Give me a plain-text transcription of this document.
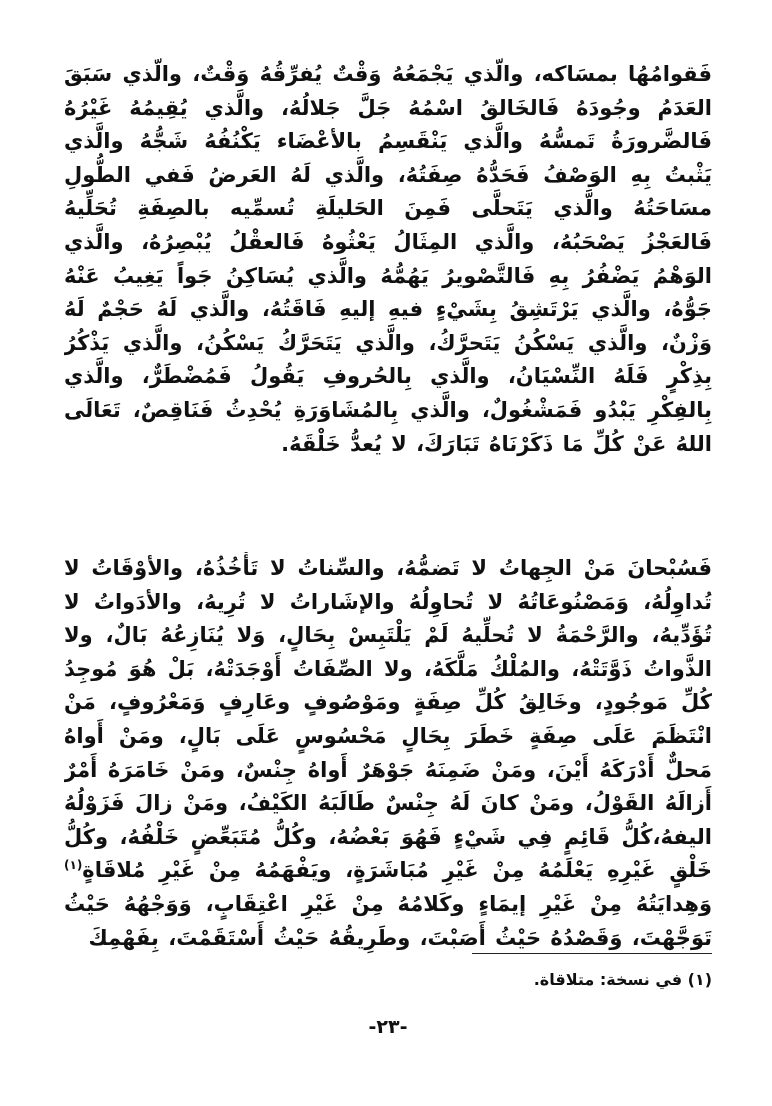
فَقوامُهُا بمسَاكه، والَّذي يَجْمَعُهُ وَقْتٌ يُفرِّقُهُ وَقْتٌ، والَّذي سَبَقَ العَدَمُ وجُودَهُ فَالخَالقُ اسْمُهُ جَلَّ جَلالُهُ، والَّذي يُقِيمُهُ غَيْرُهُ فَالضَّرورَةُ تَمسُّهُ والَّذي يَنْقَسِمُ بالأعْضَاء يَكْنُفُهُ شَجُّهُ والَّذي يَثْبتُ بِهِ الوَصْفُ فَحَدُّهُ صِفَتُهُ، والَّذي لَهُ العَرضُ فَفي الطُّولِ مسَاحَتُهُ والَّذي يَتَحلَّى فَمِنَ الحَليلَةِ تُسمِّيه بالصِفَةِ تُحَلِّيهُ فَالعَجْزُ يَصْحَبُهُ، والَّذي المِثَالُ يَعْثُوهُ فَالعقْلُ يُبْصِرُهُ، والَّذي الوَهْمُ يَضْفُرُ بِهِ فَالتَّصْويرُ يَهُمُّهُ والَّذي يُسَاكِنُ جَواً يَغِيبُ عَنْهُ جَوُّهُ، والَّذي يَرْتَشِقُ بِشَيْءٍ فيهِ إليهِ فَاقَتُهُ، والَّذي لَهُ حَجْمٌ لَهُ وَزْنٌ، والَّذي يَسْكُنُ يَتَحرَّكُ، والَّذي يَتَحَرَّكُ يَسْكُنُ، والَّذي يَذْكُرُ بِذِكْرٍ فَلَهُ النِّسْيَانُ، والَّذي بِالحُروفِ يَقُولُ فَمُضْطَرٌّ، والَّذي بِالفِكْرِ يَبْدُو فَمَشْغُولٌ، والَّذي بِالمُشَاوَرَةِ يُحْدِثُ فَنَاقِصٌ، تَعَالَى اللهُ عَنْ كُلِّ مَا ذَكَرْنَاهُ تَبَارَكَ، لا يُعدُّ خَلْقَهُ.

فَسُبْحانَ مَنْ الجِهاتُ لا تَضمُّهُ، والسِّناتُ لا تَأْخُذُهُ، والأوْقَاتُ لا تُداوِلُهُ، وَمَصْنُوعَاتُهُ لا تُحاوِلُهُ والإشَاراتُ لا تُرِيهُ، والأدَواتُ لا تُؤَدِّيهُ، والرَّحْمَةُ لا تُحلِّيهُ لَمْ يَلْتَبِسْ بِحَالٍ، وَلا يُنَازِعُهُ بَالٌ، ولا الذَّواتُ ذَوَّتَتْهُ، والمُلْكُ مَلَّكَهُ، ولا الصِّفَاتُ أَوْجَدَتْهُ، بَلْ هُوَ مُوجِدُ كُلِّ مَوجُودٍ، وخَالِقُ كُلِّ صِفَةٍ ومَوْصُوفٍ وعَارِفٍ وَمَعْرُوفٍ، مَنْ انْتَظَمَ عَلَى صِفَةٍ خَطَرَ بِحَالٍ مَحْسُوسٍ عَلَى بَالٍ، ومَنْ أَواهُ مَحلٌّ أَدْرَكَهُ أَيْنَ، ومَنْ ضَمِنَهُ جَوْهَرٌ أَواهُ جِنْسٌ، ومَنْ خَامَرَهُ أَمْرٌ أَزالَهُ القَوْلُ، ومَنْ كانَ لَهُ جِنْسٌ طَالَبَهُ الكَيْفُ، ومَنْ زالَ فَزَوْلُهُ اليفهُ،كُلُّ قَائِمٍ فِي شَيْءٍ فَهُوَ بَعْضُهُ، وكُلُّ مُتَبَعِّضٍ خَلْفُهُ، وكُلُّ خَلْقٍ غَيْرِهِ يَعْلَمُهُ مِنْ غَيْرِ مُبَاشَرَةٍ، ويَفْهَمُهُ مِنْ غَيْرِ مُلاقَاةٍ$^{(١)}$ وَهِدايَتُهُ مِنْ غَيْرِ إيمَاءٍ وكَلامُهُ مِنْ غَيْرِ اعْتِقَابٍ، وَوَجْهُهُ حَيْثُ تَوَجَّهْتَ، وَقَصْدُهُ حَيْثُ أَصَبْتَ، وطَرِيقُهُ حَيْثُ أَسْتَقَمْتَ، بِفَهْمِكَ

(١) في نسخة: متلاقاة.
-٢٣-
